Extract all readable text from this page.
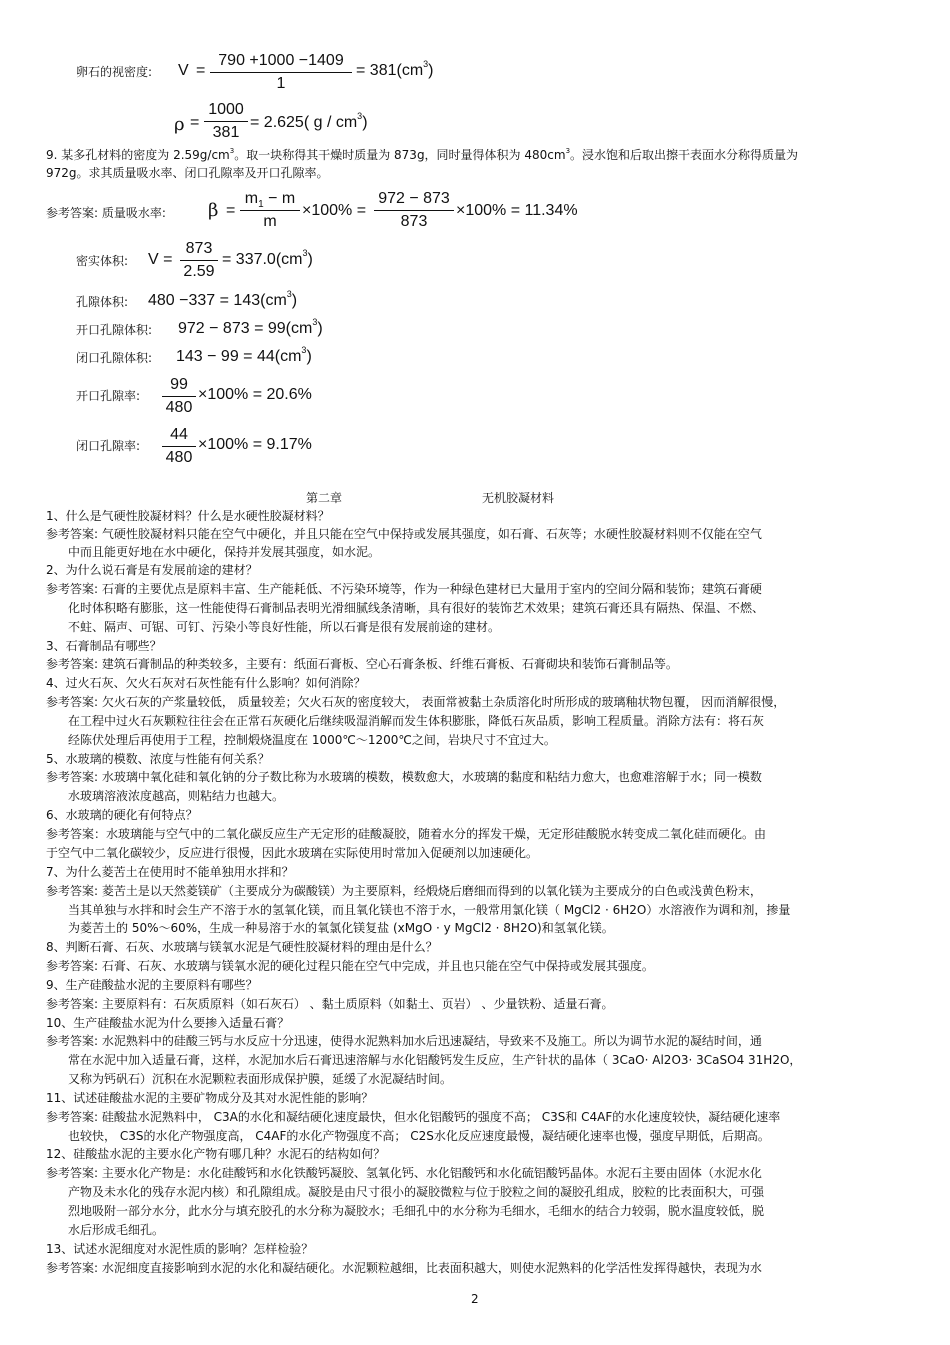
卵石的视密度: V =
790 +1000 −1409
1
= $381(cm^3)$
ρ =
1000
381
= 2.625( g / $cm^3$)
9. 某多孔材料的密度为 $2.59g/cm^3$。取一块称得其干燥时质量为 873g，同时量得体积为 $480cm^3$。浸水饱和后取出擦干表面水分称得质量为
972g。求其质量吸水率、闭口孔隙率及开口孔隙率。
参考答案: 质量吸水率: β =
$m_1 - m$
m
×100% =
972 − 873
873
×100% = 11.34%
密实体积: V =
873
2.59
= $337.0(cm^3)$
孔隙体积: $480 -337 = 143(cm^3)$
开口孔隙体积: $972 - 873 = 99(cm^3)$
闭口孔隙体积: $143 - 99 = 44(cm^3)$
开口孔隙率:
99
480
×100% = 20.6%
闭口孔隙率:
44
480
×100% = 9.17%
第二章	无机胶凝材料
1、什么是气硬性胶凝材料？什么是水硬性胶凝材料？
参考答案: 气硬性胶凝材料只能在空气中硬化，并且只能在空气中保持或发展其强度，如石膏、石灰等；水硬性胶凝材料则不仅能在空气
中而且能更好地在水中硬化，保持并发展其强度，如水泥。
2、为什么说石膏是有发展前途的建材？
参考答案: 石膏的主要优点是原料丰富、生产能耗低、不污染环境等，作为一种绿色建材已大量用于室内的空间分隔和装饰；建筑石膏硬
化时体积略有膨胀，这一性能使得石膏制品表明光滑细腻线条清晰，具有很好的装饰艺术效果；建筑石膏还具有隔热、保温、不燃、
不蛀、隔声、可锯、可钉、污染小等良好性能，所以石膏是很有发展前途的建材。
3、石膏制品有哪些？
参考答案: 建筑石膏制品的种类较多，主要有：纸面石膏板、空心石膏条板、纤维石膏板、石膏砌块和装饰石膏制品等。
4、过火石灰、欠火石灰对石灰性能有什么影响？如何消除？
参考答案: 欠火石灰的产浆量较低， 质量较差；欠火石灰的密度较大， 表面常被黏土杂质溶化时所形成的玻璃釉状物包覆， 因而消解很慢，
在工程中过火石灰颗粒往往会在正常石灰硬化后继续吸湿消解而发生体积膨胀，降低石灰品质，影响工程质量。消除方法有：将石灰
经陈伏处理后再使用于工程，控制煅烧温度在 1000℃～1200℃之间，岩块尺寸不宜过大。
5、水玻璃的模数、浓度与性能有何关系？
参考答案: 水玻璃中氧化硅和氧化钠的分子数比称为水玻璃的模数，模数愈大，水玻璃的黏度和粘结力愈大，也愈难溶解于水；同一模数
水玻璃溶液浓度越高，则粘结力也越大。
6、水玻璃的硬化有何特点？
参考答案：水玻璃能与空气中的二氧化碳反应生产无定形的硅酸凝胶，随着水分的挥发干燥，无定形硅酸脱水转变成二氧化硅而硬化。由
于空气中二氧化碳较少，反应进行很慢，因此水玻璃在实际使用时常加入促硬剂以加速硬化。
7、为什么菱苦土在使用时不能单独用水拌和？
参考答案: 菱苦土是以天然菱镁矿（主要成分为碳酸镁）为主要原料，经煅烧后磨细而得到的以氧化镁为主要成分的白色或浅黄色粉末，
当其单独与水拌和时会生产不溶于水的氢氧化镁，而且氧化镁也不溶于水，一般常用氯化镁（ MgCl2 · 6H2O）水溶液作为调和剂，掺量
为菱苦土的 50%～60%，生成一种易溶于水的氧氯化镁复盐 (xMgO · y MgCl2 · 8H2O)和氢氧化镁。
8、判断石膏、石灰、水玻璃与镁氧水泥是气硬性胶凝材料的理由是什么？
参考答案: 石膏、石灰、水玻璃与镁氧水泥的硬化过程只能在空气中完成，并且也只能在空气中保持或发展其强度。
9、生产硅酸盐水泥的主要原料有哪些？
参考答案: 主要原料有：石灰质原料（如石灰石） 、黏土质原料（如黏土、页岩） 、少量铁粉、适量石膏。
10、生产硅酸盐水泥为什么要掺入适量石膏？
参考答案: 水泥熟料中的硅酸三钙与水反应十分迅速，使得水泥熟料加水后迅速凝结，导致来不及施工。所以为调节水泥的凝结时间，通
常在水泥中加入适量石膏，这样，水泥加水后石膏迅速溶解与水化铝酸钙发生反应，生产针状的晶体（ 3CaO· Al2O3· 3CaSO4 31H2O，
又称为钙矾石）沉积在水泥颗粒表面形成保护膜，延缓了水泥凝结时间。
11、试述硅酸盐水泥的主要矿物成分及其对水泥性能的影响？
参考答案: 硅酸盐水泥熟料中， C3A的水化和凝结硬化速度最快，但水化铝酸钙的强度不高； C3S和 C4AF的水化速度较快，凝结硬化速率
也较快， C3S的水化产物强度高， C4AF的水化产物强度不高； C2S水化反应速度最慢，凝结硬化速率也慢，强度早期低，后期高。
12、硅酸盐水泥的主要水化产物有哪几种？水泥石的结构如何？
参考答案: 主要水化产物是：水化硅酸钙和水化铁酸钙凝胶、氢氧化钙、水化铝酸钙和水化硫铝酸钙晶体。水泥石主要由固体（水泥水化
产物及未水化的残存水泥内核）和孔隙组成。凝胶是由尺寸很小的凝胶微粒与位于胶粒之间的凝胶孔组成，胶粒的比表面积大，可强
烈地吸附一部分水分，此水分与填充胶孔的水分称为凝胶水；毛细孔中的水分称为毛细水，毛细水的结合力较弱，脱水温度较低，脱
水后形成毛细孔。
13、试述水泥细度对水泥性质的影响？怎样检验？
参考答案: 水泥细度直接影响到水泥的水化和凝结硬化。水泥颗粒越细，比表面积越大，则使水泥熟料的化学活性发挥得越快，表现为水
2
